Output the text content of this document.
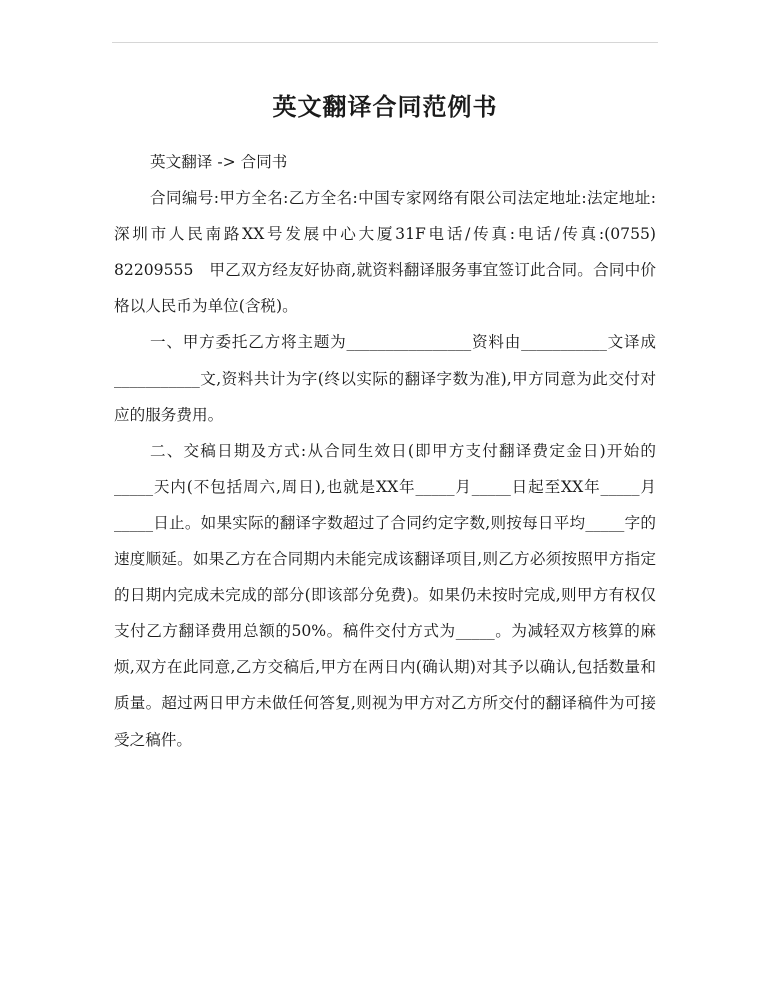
英文翻译合同范例书

英文翻译 -> 合同书

合同编号:甲方全名:乙方全名:中国专家网络有限公司法定地址:法定地址:深圳市人民南路XX号发展中心大厦31F电话/传真:电话/传真:(0755)　82209555　甲乙双方经友好协商,就资料翻译服务事宜签订此合同。合同中价格以人民币为单位(含税)。

一、甲方委托乙方将主题为________________资料由___________文译成___________文,资料共计为字(终以实际的翻译字数为准),甲方同意为此交付对应的服务费用。

二、交稿日期及方式:从合同生效日(即甲方支付翻译费定金日)开始的_____天内(不包括周六,周日),也就是XX年_____月_____日起至XX年_____月_____日止。如果实际的翻译字数超过了合同约定字数,则按每日平均_____字的速度顺延。如果乙方在合同期内未能完成该翻译项目,则乙方必须按照甲方指定的日期内完成未完成的部分(即该部分免费)。如果仍未按时完成,则甲方有权仅支付乙方翻译费用总额的50%。稿件交付方式为_____。为减轻双方核算的麻烦,双方在此同意,乙方交稿后,甲方在两日内(确认期)对其予以确认,包括数量和质量。超过两日甲方未做任何答复,则视为甲方对乙方所交付的翻译稿件为可接受之稿件。
